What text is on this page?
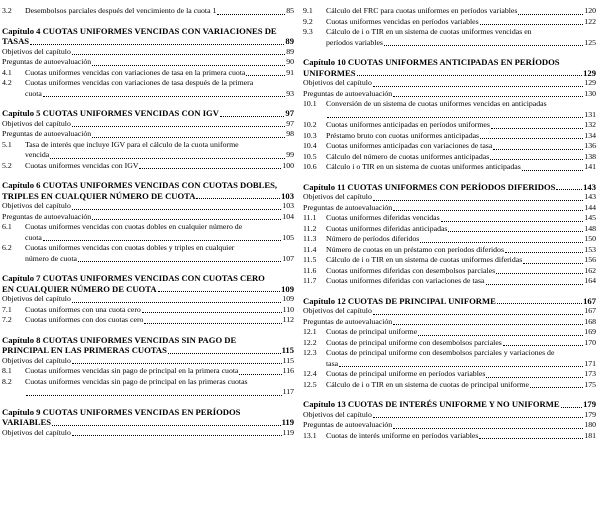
3.2	Desembolsos parciales después del vencimiento de la cuota 1	85
Capítulo 4 CUOTAS UNIFORMES VENCIDAS CON VARIACIONES DE
TASAS	89
Objetivos del capítulo	89
Preguntas de autoevaluación	90
4.1	Cuotas uniformes vencidas con variaciones de tasa en la primera cuota	91
4.2	Cuotas uniformes vencidas con variaciones de tasa después de la primera
cuota	93
Capítulo 5 CUOTAS UNIFORMES VENCIDAS CON IGV	97
Objetivos del capítulo	97
Preguntas de autoevaluación	98
5.1	Tasa de interés que incluye IGV para el cálculo de la cuota uniforme
vencida	99
5.2	Cuotas uniformes vencidas con IGV	100
Capítulo 6 CUOTAS UNIFORMES VENCIDAS CON CUOTAS DOBLES,
TRIPLES EN CUALQUIER NÚMERO DE CUOTA	103
Objetivos del capítulo	103
Preguntas de autoevaluación	104
6.1	Cuotas uniformes vencidas con cuotas dobles en cualquier número de
cuota	105
6.2	Cuotas uniformes vencidas con cuotas dobles y triples en cualquier
número de cuota	107
Capítulo 7 CUOTAS UNIFORMES VENCIDAS CON CUOTAS CERO
EN CUALQUIER NÚMERO DE CUOTA	109
Objetivos del capítulo	109
7.1	Cuotas uniformes con una cuota cero	110
7.2	Cuotas uniformes con dos cuotas cero	112
Capítulo 8 CUOTAS UNIFORMES VENCIDAS SIN PAGO DE
PRINCIPAL EN LAS PRIMERAS CUOTAS	115
Objetivos del capítulo	115
8.1	Cuotas uniformes vencidas sin pago de principal en la primera cuota	116
8.2	Cuotas uniformes vencidas sin pago de principal en las primeras cuotas
117
Capítulo 9 CUOTAS UNIFORMES VENCIDAS EN PERÍODOS
VARIABLES	119
Objetivos del capítulo	119
9.1	Cálculo del FRC para cuotas uniformes en períodos variables	120
9.2	Cuotas uniformes vencidas en períodos variables	122
9.3	Cálculo de i o TIR en un sistema de cuotas uniformes vencidas en
períodos variables	125
Capítulo 10 CUOTAS UNIFORMES ANTICIPADAS EN PERÍODOS
UNIFORMES	129
Objetivos del capítulo	129
Preguntas de autoevaluación	130
10.1	Conversión de un sistema de cuotas uniformes vencidas en anticipadas
131
10.2	Cuotas uniformes anticipadas en períodos uniformes	132
10.3	Préstamo bruto con cuotas uniformes anticipadas	134
10.4	Cuotas uniformes anticipadas con variaciones de tasa	136
10.5	Cálculo del número de cuotas uniformes anticipadas	138
10.6	Cálculo i o TIR en un sistema de cuotas uniformes anticipadas	141
Capítulo 11 CUOTAS UNIFORMES CON PERÍODOS DIFERIDOS	143
Objetivos del capítulo	143
Preguntas de autoevaluación	144
11.1	Cuotas uniformes diferidas vencidas	145
11.2	Cuotas uniformes diferidas anticipadas	148
11.3	Número de períodos diferidos	150
11.4	Número de cuotas en un préstamo con períodos diferidos	153
11.5	Cálculo de i o TIR en un sistema de cuotas uniformes diferidas	156
11.6	Cuotas uniformes diferidas con desembolsos parciales	162
11.7	Cuotas uniformes diferidas con variaciones de tasa	164
Capítulo 12 CUOTAS DE PRINCIPAL UNIFORME	167
Objetivos del capítulo	167
Preguntas de autoevaluación	168
12.1	Cuotas de principal uniforme	169
12.2	Cuotas de principal uniforme con desembolsos parciales	170
12.3	Cuotas de principal uniforme con desembolsos parciales y variaciones de
tasa	171
12.4	Cuotas de principal uniforme en períodos variables	173
12.5	Cálculo de i o TIR en un sistema de cuotas de principal uniforme	175
Capítulo 13 CUOTAS DE INTERÉS UNIFORME Y NO UNIFORME	179
Objetivos del capítulo	179
Preguntas de autoevaluación	180
13.1	Cuotas de interés uniforme en períodos variables	181
